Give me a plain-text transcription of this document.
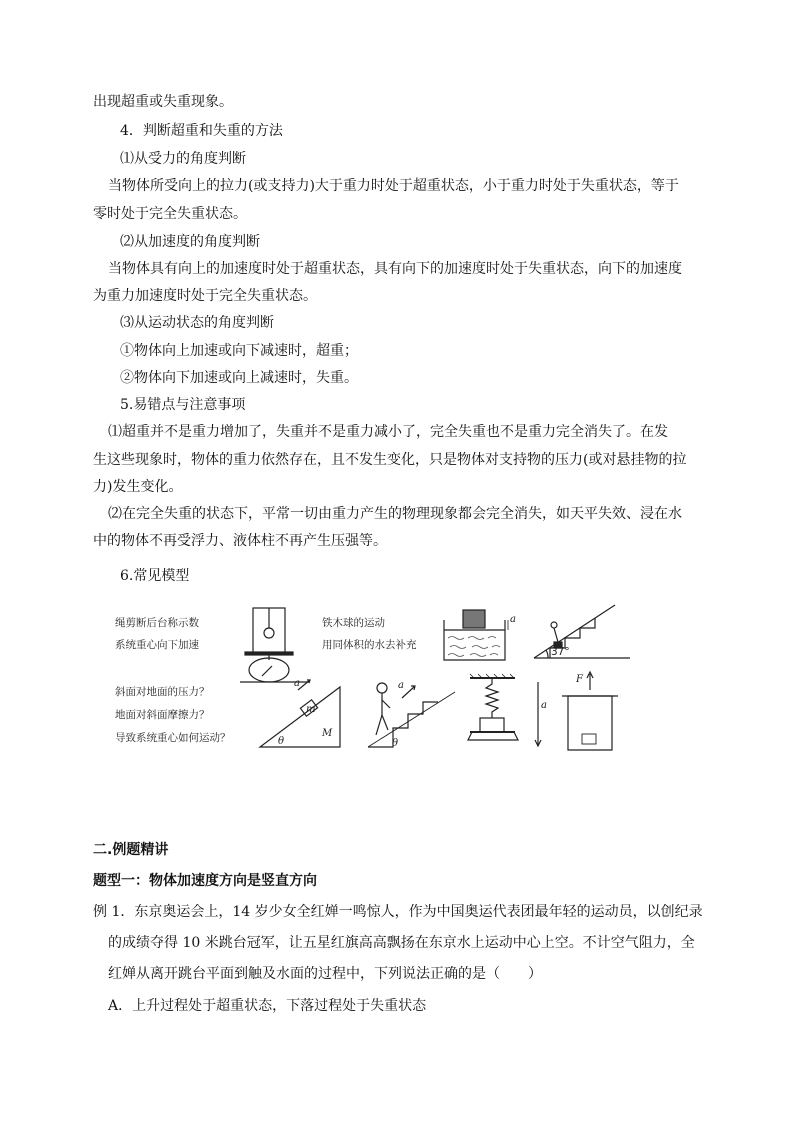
出现超重或失重现象。
4．判断超重和失重的方法
⑴从受力的角度判断
当物体所受向上的拉力(或支持力)大于重力时处于超重状态，小于重力时处于失重状态，等于
零时处于完全失重状态。
⑵从加速度的角度判断
当物体具有向上的加速度时处于超重状态，具有向下的加速度时处于失重状态，向下的加速度
为重力加速度时处于完全失重状态。
⑶从运动状态的角度判断
①物体向上加速或向下减速时，超重；
②物体向下加速或向上减速时，失重。
5.易错点与注意事项
⑴超重并不是重力增加了，失重并不是重力减小了，完全失重也不是重力完全消失了。在发
生这些现象时，物体的重力依然存在，且不发生变化，只是物体对支持物的压力(或对悬挂物的拉
力)发生变化。
⑵在完全失重的状态下，平常一切由重力产生的物理现象都会完全消失，如天平失效、浸在水
中的物体不再受浮力、液体柱不再产生压强等。
6.常见模型
绳剪断后台称示数
系统重心向下加速
铁木球的运动
用同体积的水去补充
a
37°
斜面对地面的压力？
地面对斜面摩擦力？
导致系统重心如何运动？
a
m
M
θ
a
θ
a
F
二.例题精讲
题型一：物体加速度方向是竖直方向
例 1．东京奥运会上，14 岁少女全红婵一鸣惊人，作为中国奥运代表团最年轻的运动员，以创纪录
的成绩夺得 10 米跳台冠军，让五星红旗高高飘扬在东京水上运动中心上空。不计空气阻力，全
红婵从离开跳台平面到触及水面的过程中，下列说法正确的是（　　）
A．上升过程处于超重状态，下落过程处于失重状态
